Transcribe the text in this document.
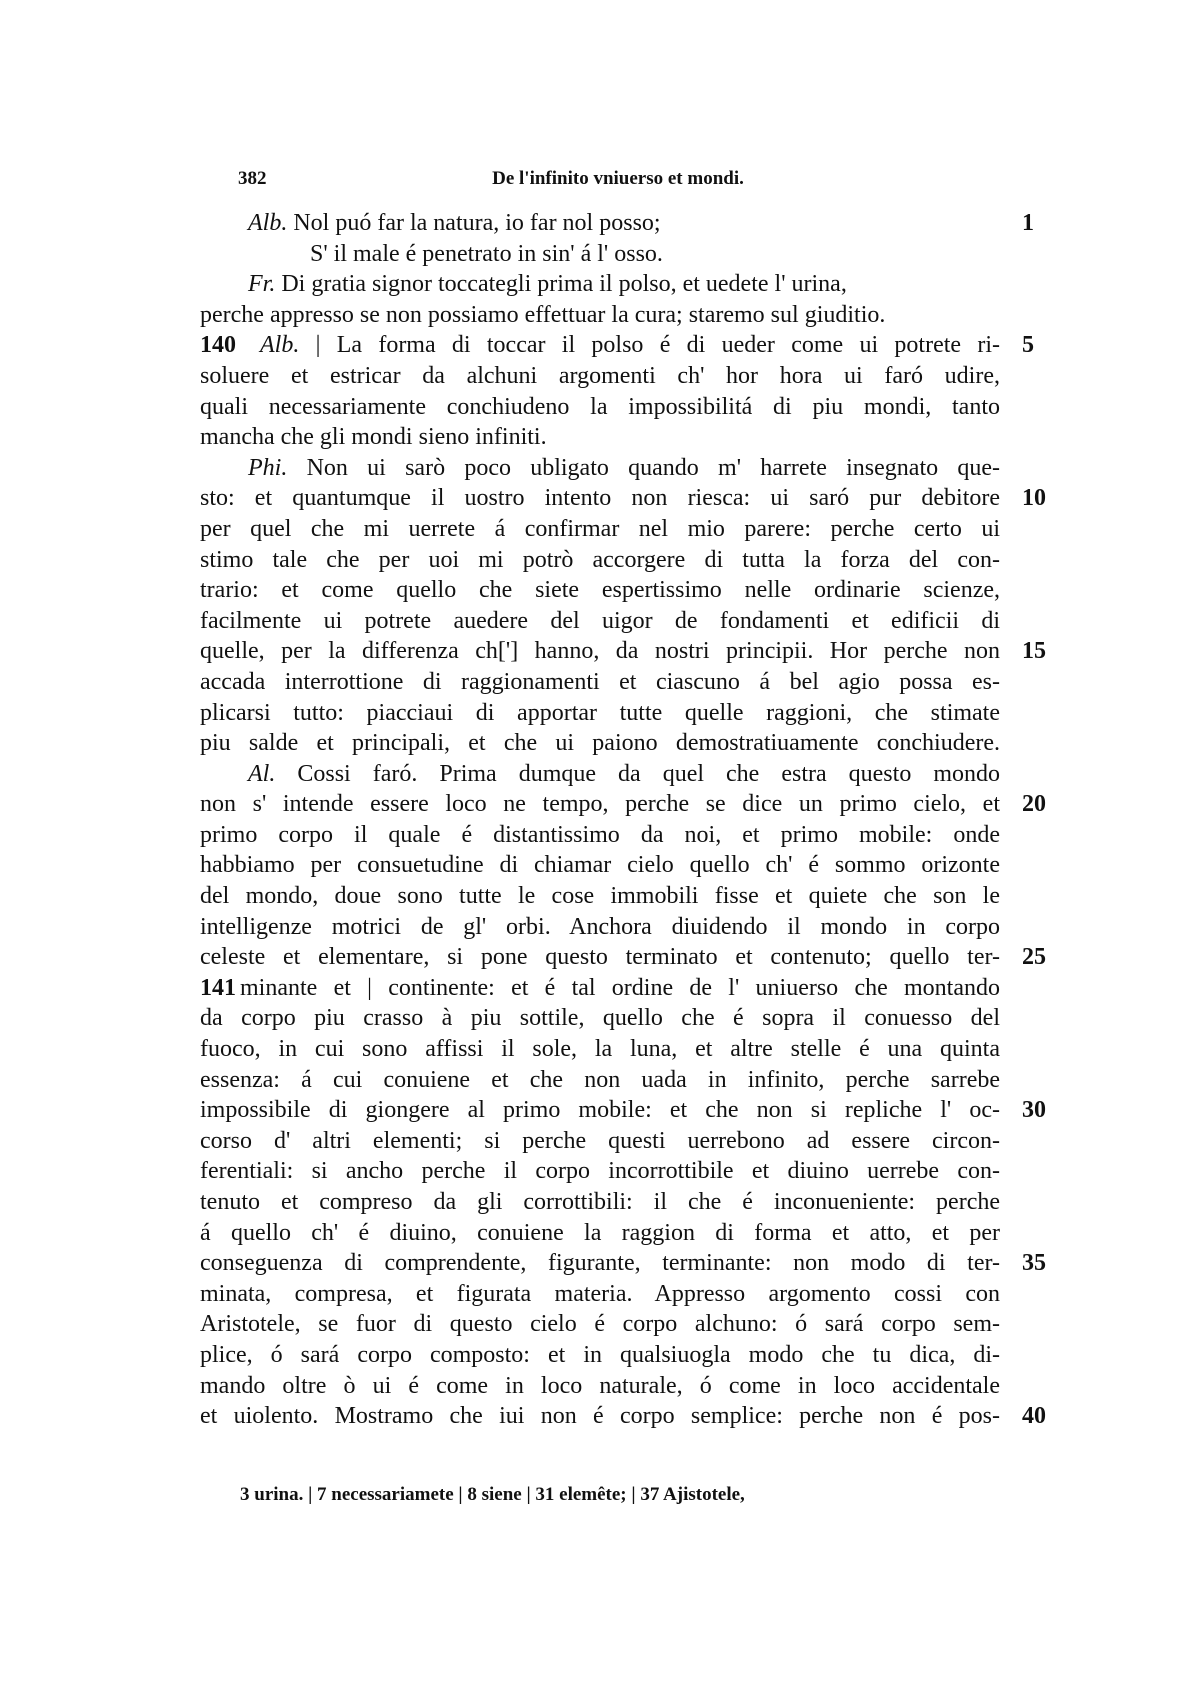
382	De l'infinito vniuerso et mondi.
Alb. Nol puó far la natura, io far nol posso;	1
S' il male é penetrato in sin' á l' osso.
Fr. Di gratia signor toccategli prima il polso, et uedete l' urina,
perche appresso se non possiamo effettuar la cura; staremo sul giuditio.
140	Alb. | La forma di toccar il polso é di ueder come ui potrete ri- 5
soluere et estricar da alchuni argomenti ch' hor hora ui faró udire,
quali necessariamente conchiudeno la impossibilitá di piu mondi, tanto
mancha che gli mondi sieno infiniti.
Phi. Non ui sarò poco ubligato quando m' harrete insegnato que-
sto: et quantumque il uostro intento non riesca: ui saró pur debitore 10
per quel che mi uerrete á confirmar nel mio parere: perche certo ui
stimo tale che per uoi mi potrò accorgere di tutta la forza del con-
trario: et come quello che siete espertissimo nelle ordinarie scienze,
facilmente ui potrete auedere del uigor de fondamenti et edificii di
quelle, per la differenza ch['] hanno, da nostri principii. Hor perche non 15
accada interrottione di raggionamenti et ciascuno á bel agio possa es-
plicarsi tutto: piacciaui di apportar tutte quelle raggioni, che stimate
piu salde et principali, et che ui paiono demostratiuamente conchiudere.
Al. Cossi faró. Prima dumque da quel che estra questo mondo
non s' intende essere loco ne tempo, perche se dice un primo cielo, et 20
primo corpo il quale é distantissimo da noi, et primo mobile: onde
habbiamo per consuetudine di chiamar cielo quello ch' é sommo orizonte
del mondo, doue sono tutte le cose immobili fisse et quiete che son le
intelligenze motrici de gl' orbi. Anchora diuidendo il mondo in corpo
celeste et elementare, si pone questo terminato et contenuto; quello ter- 25
141 minante et | continente: et é tal ordine de l' uniuerso che montando
da corpo piu crasso à piu sottile, quello che é sopra il conuesso del
fuoco, in cui sono affissi il sole, la luna, et altre stelle é una quinta
essenza: á cui conuiene et che non uada in infinito, perche sarrebe
impossibile di giongere al primo mobile: et che non si repliche l' oc- 30
corso d' altri elementi; si perche questi uerrebono ad essere circon-
ferentiali: si ancho perche il corpo incorrottibile et diuino uerrebe con-
tenuto et compreso da gli corrottibili: il che é inconueniente: perche
á quello ch' é diuino, conuiene la raggion di forma et atto, et per
conseguenza di comprendente, figurante, terminante: non modo di ter- 35
minata, compresa, et figurata materia. Appresso argomento cossi con
Aristotele, se fuor di questo cielo é corpo alchuno: ó sará corpo sem-
plice, ó sará corpo composto: et in qualsiuogla modo che tu dica, di-
mando oltre ò ui é come in loco naturale, ó come in loco accidentale
et uiolento. Mostramo che iui non é corpo semplice: perche non é pos- 40
3 urina. | 7 necessariamete | 8 siene | 31 elemête; | 37 Ajistotele,
